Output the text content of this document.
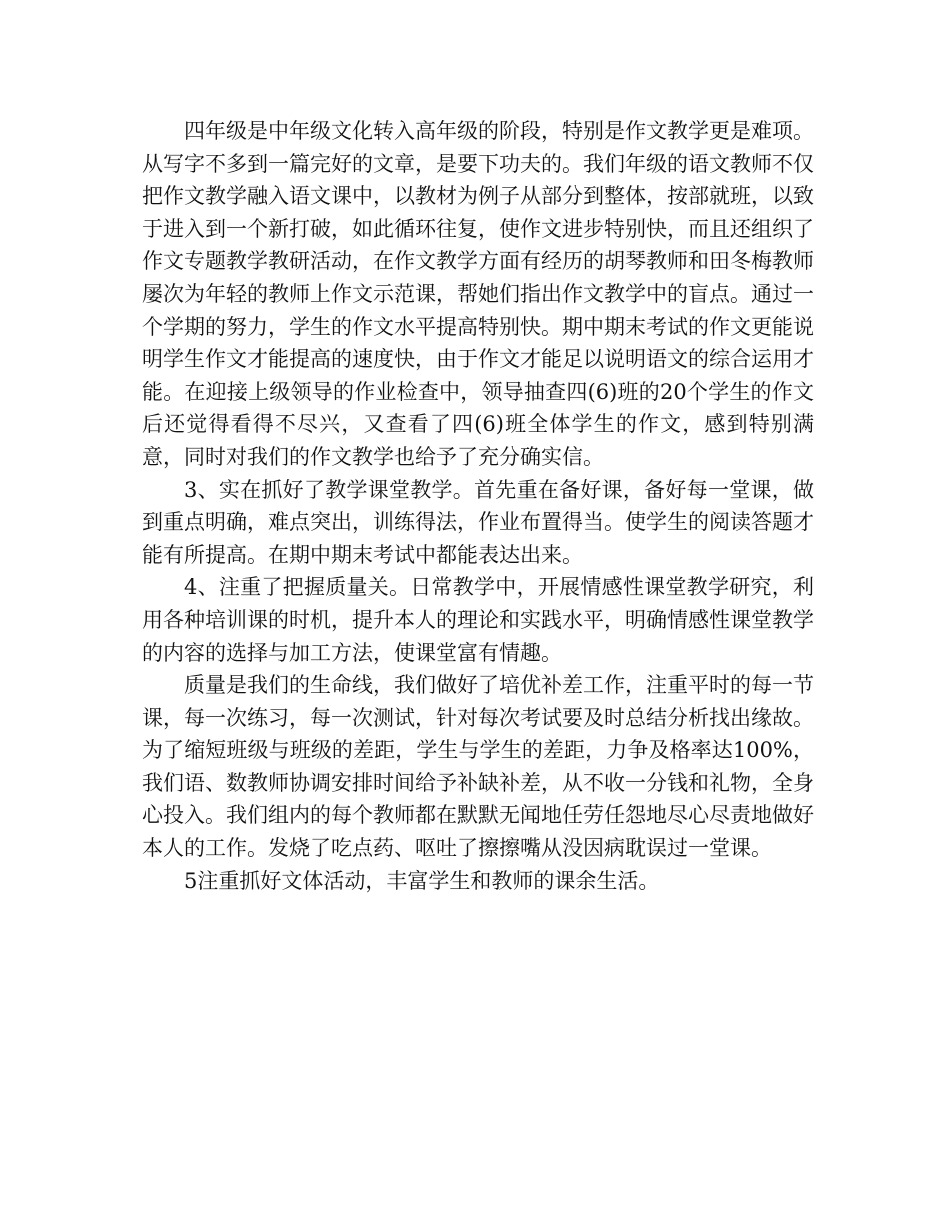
四年级是中年级文化转入高年级的阶段，特别是作文教学更是难项。从写字不多到一篇完好的文章，是要下功夫的。我们年级的语文教师不仅把作文教学融入语文课中，以教材为例子从部分到整体，按部就班，以致于进入到一个新打破，如此循环往复，使作文进步特别快，而且还组织了作文专题教学教研活动，在作文教学方面有经历的胡琴教师和田冬梅教师屡次为年轻的教师上作文示范课，帮她们指出作文教学中的盲点。通过一个学期的努力，学生的作文水平提高特别快。期中期末考试的作文更能说明学生作文才能提高的速度快，由于作文才能足以说明语文的综合运用才能。在迎接上级领导的作业检查中，领导抽查四(6)班的20个学生的作文后还觉得看得不尽兴，又查看了四(6)班全体学生的作文，感到特别满意，同时对我们的作文教学也给予了充分确实信。

3、实在抓好了教学课堂教学。首先重在备好课，备好每一堂课，做到重点明确，难点突出，训练得法，作业布置得当。使学生的阅读答题才能有所提高。在期中期末考试中都能表达出来。

4、注重了把握质量关。日常教学中，开展情感性课堂教学研究，利用各种培训课的时机，提升本人的理论和实践水平，明确情感性课堂教学的内容的选择与加工方法，使课堂富有情趣。

质量是我们的生命线，我们做好了培优补差工作，注重平时的每一节课，每一次练习，每一次测试，针对每次考试要及时总结分析找出缘故。为了缩短班级与班级的差距，学生与学生的差距，力争及格率达100%，我们语、数教师协调安排时间给予补缺补差，从不收一分钱和礼物，全身心投入。我们组内的每个教师都在默默无闻地任劳任怨地尽心尽责地做好本人的工作。发烧了吃点药、呕吐了擦擦嘴从没因病耽误过一堂课。

5注重抓好文体活动，丰富学生和教师的课余生活。
